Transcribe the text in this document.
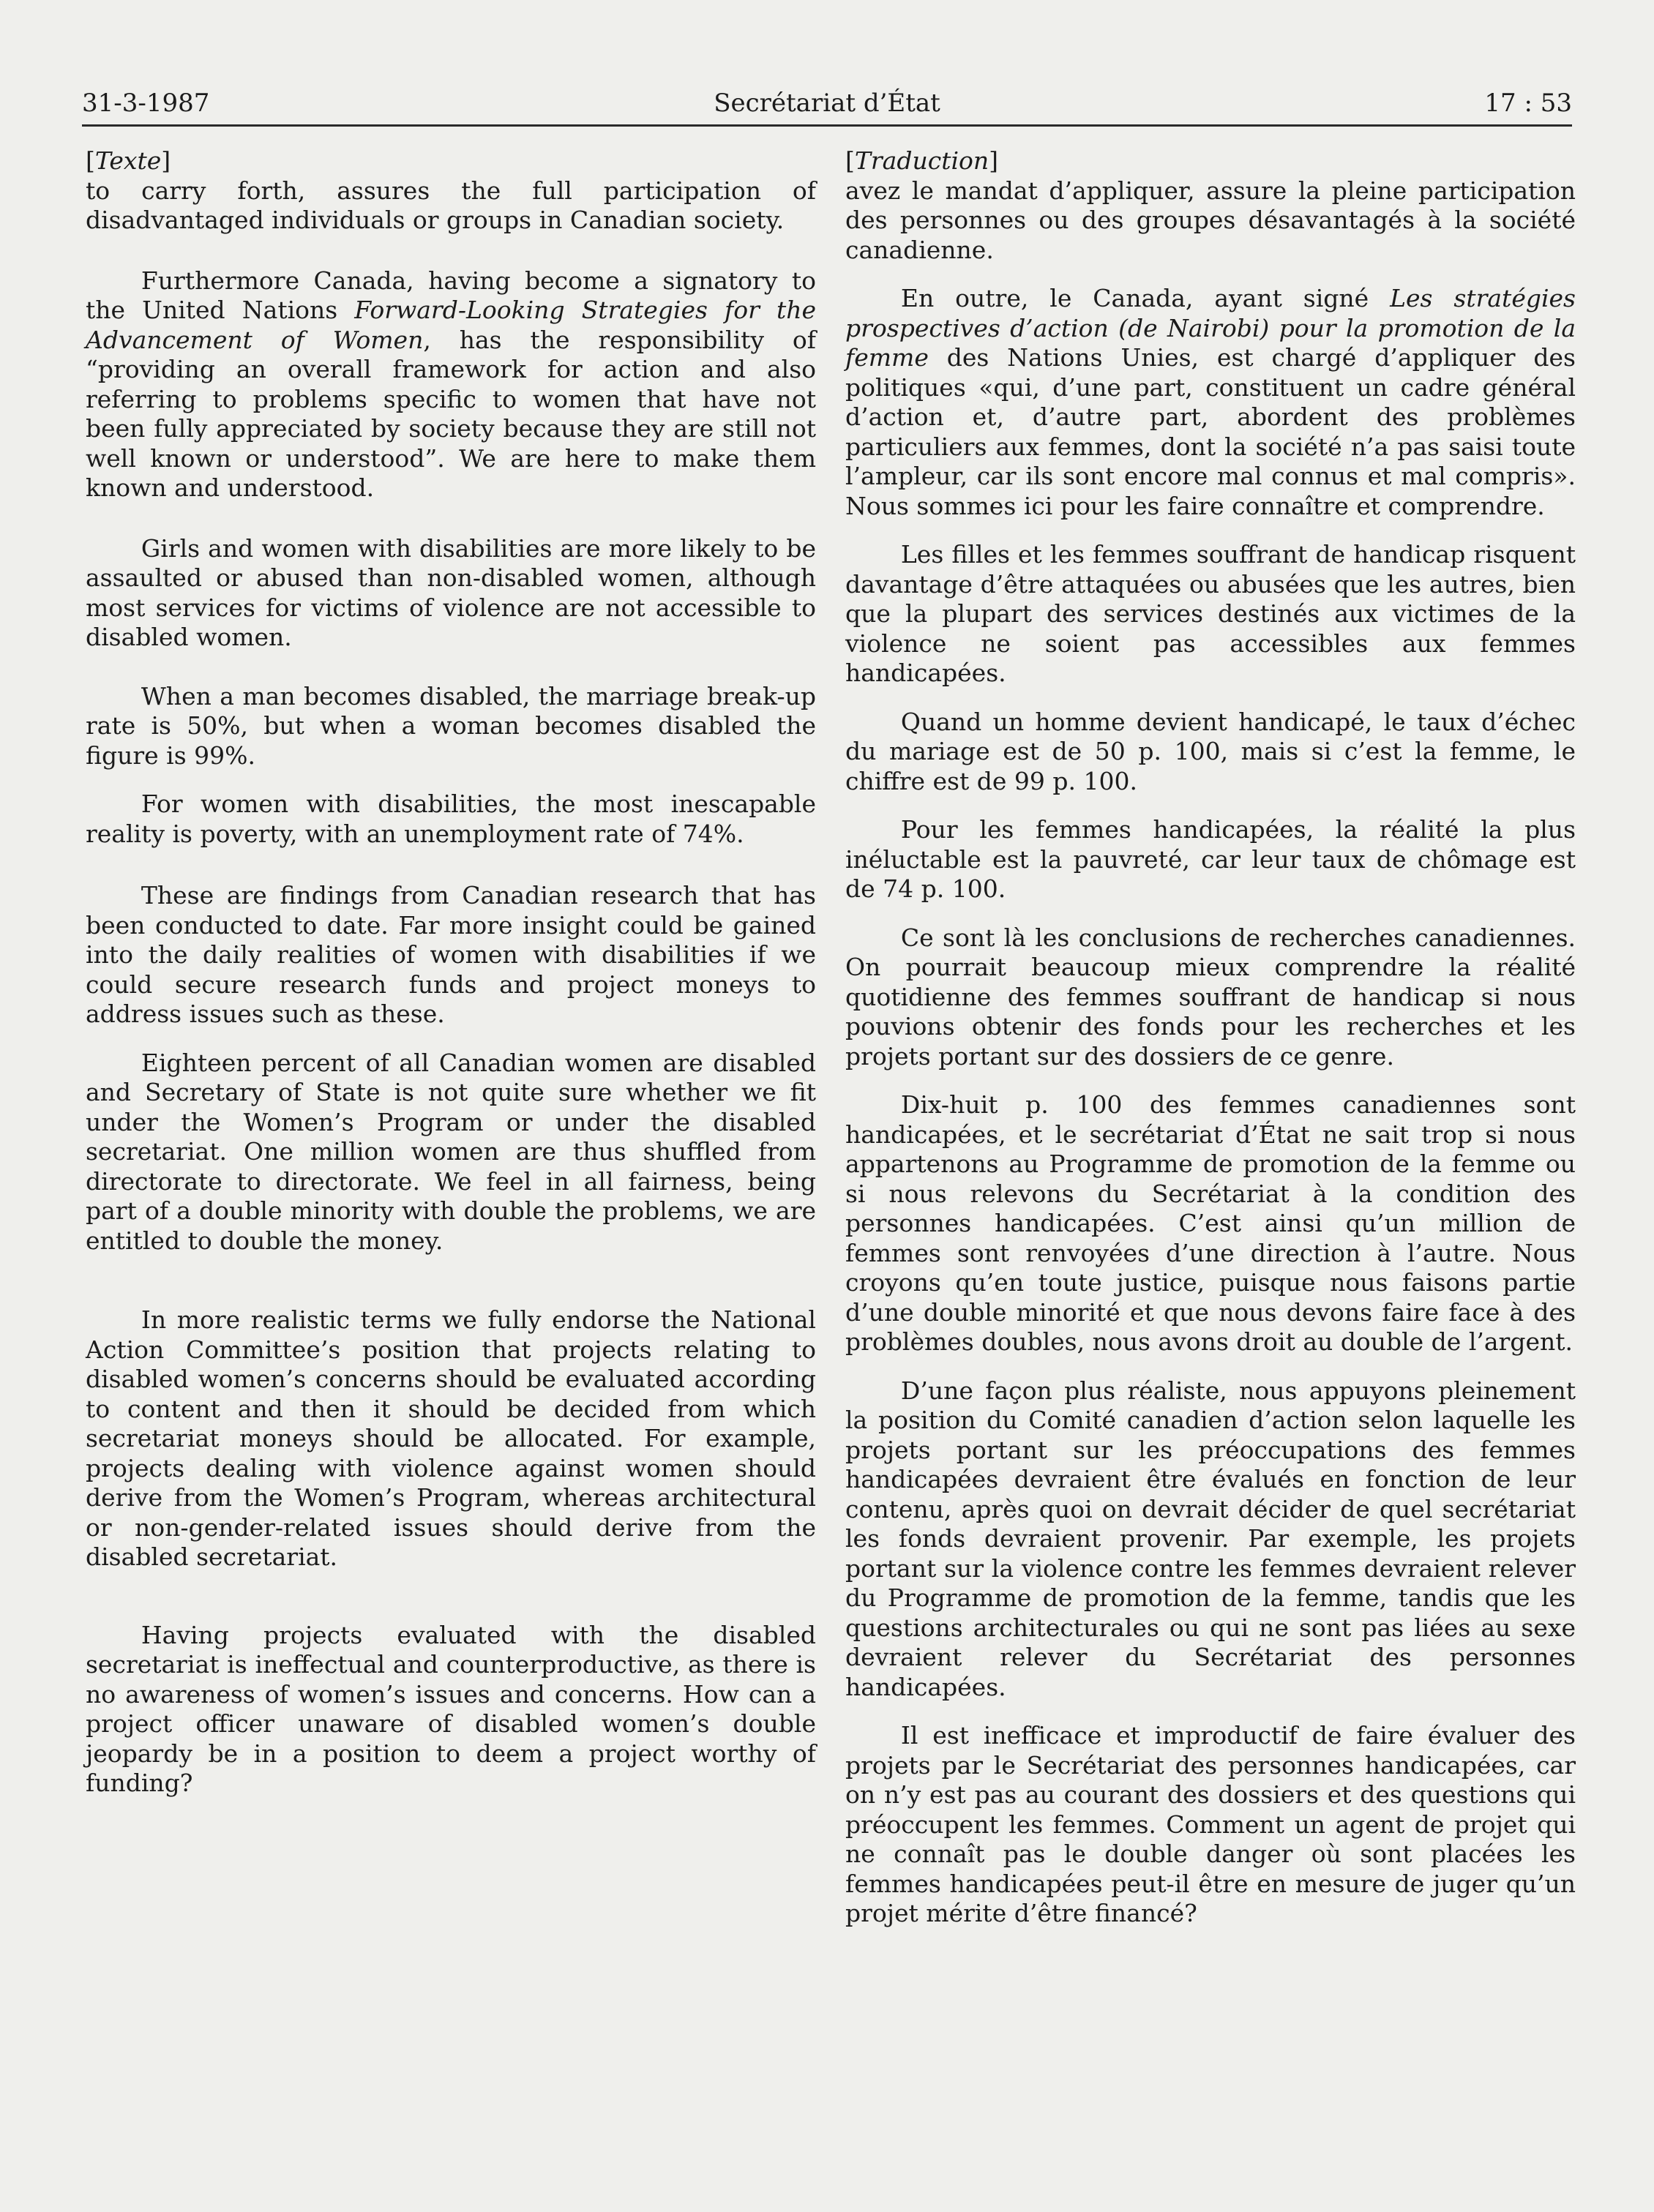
31-3-1987	Secrétariat d’État	17 : 53
[Texte]

to carry forth, assures the full participation of disadvantaged individuals or groups in Canadian society.

Furthermore Canada, having become a signatory to the United Nations Forward-Looking Strategies for the Advancement of Women, has the responsibility of “providing an overall framework for action and also referring to problems specific to women that have not been fully appreciated by society because they are still not well known or understood”. We are here to make them known and understood.

Girls and women with disabilities are more likely to be assaulted or abused than non-disabled women, although most services for victims of violence are not accessible to disabled women.

When a man becomes disabled, the marriage break-up rate is 50%, but when a woman becomes disabled the figure is 99%.

For women with disabilities, the most inescapable reality is poverty, with an unemployment rate of 74%.

These are findings from Canadian research that has been conducted to date. Far more insight could be gained into the daily realities of women with disabilities if we could secure research funds and project moneys to address issues such as these.

Eighteen percent of all Canadian women are disabled and Secretary of State is not quite sure whether we fit under the Women’s Program or under the disabled secretariat. One million women are thus shuffled from directorate to directorate. We feel in all fairness, being part of a double minority with double the problems, we are entitled to double the money.

In more realistic terms we fully endorse the National Action Committee’s position that projects relating to disabled women’s concerns should be evaluated according to content and then it should be decided from which secretariat moneys should be allocated. For example, projects dealing with violence against women should derive from the Women’s Program, whereas architectural or non-gender-related issues should derive from the disabled secretariat.

Having projects evaluated with the disabled secretariat is ineffectual and counterproductive, as there is no awareness of women’s issues and concerns. How can a project officer unaware of disabled women’s double jeopardy be in a position to deem a project worthy of funding?

[Traduction]

avez le mandat d’appliquer, assure la pleine participation des personnes ou des groupes désavantagés à la société canadienne.

En outre, le Canada, ayant signé Les stratégies prospectives d’action (de Nairobi) pour la promotion de la femme des Nations Unies, est chargé d’appliquer des politiques «qui, d’une part, constituent un cadre général d’action et, d’autre part, abordent des problèmes particuliers aux femmes, dont la société n’a pas saisi toute l’ampleur, car ils sont encore mal connus et mal compris». Nous sommes ici pour les faire connaître et comprendre.

Les filles et les femmes souffrant de handicap risquent davantage d’être attaquées ou abusées que les autres, bien que la plupart des services destinés aux victimes de la violence ne soient pas accessibles aux femmes handicapées.

Quand un homme devient handicapé, le taux d’échec du mariage est de 50 p. 100, mais si c’est la femme, le chiffre est de 99 p. 100.

Pour les femmes handicapées, la réalité la plus inéluctable est la pauvreté, car leur taux de chômage est de 74 p. 100.

Ce sont là les conclusions de recherches canadiennes. On pourrait beaucoup mieux comprendre la réalité quotidienne des femmes souffrant de handicap si nous pouvions obtenir des fonds pour les recherches et les projets portant sur des dossiers de ce genre.

Dix-huit p. 100 des femmes canadiennes sont handicapées, et le secrétariat d’État ne sait trop si nous appartenons au Programme de promotion de la femme ou si nous relevons du Secrétariat à la condition des personnes handicapées. C’est ainsi qu’un million de femmes sont renvoyées d’une direction à l’autre. Nous croyons qu’en toute justice, puisque nous faisons partie d’une double minorité et que nous devons faire face à des problèmes doubles, nous avons droit au double de l’argent.

D’une façon plus réaliste, nous appuyons pleinement la position du Comité canadien d’action selon laquelle les projets portant sur les préoccupations des femmes handicapées devraient être évalués en fonction de leur contenu, après quoi on devrait décider de quel secrétariat les fonds devraient provenir. Par exemple, les projets portant sur la violence contre les femmes devraient relever du Programme de promotion de la femme, tandis que les questions architecturales ou qui ne sont pas liées au sexe devraient relever du Secrétariat des personnes handicapées.

Il est inefficace et improductif de faire évaluer des projets par le Secrétariat des personnes handicapées, car on n’y est pas au courant des dossiers et des questions qui préoccupent les femmes. Comment un agent de projet qui ne connaît pas le double danger où sont placées les femmes handicapées peut-il être en mesure de juger qu’un projet mérite d’être financé?
